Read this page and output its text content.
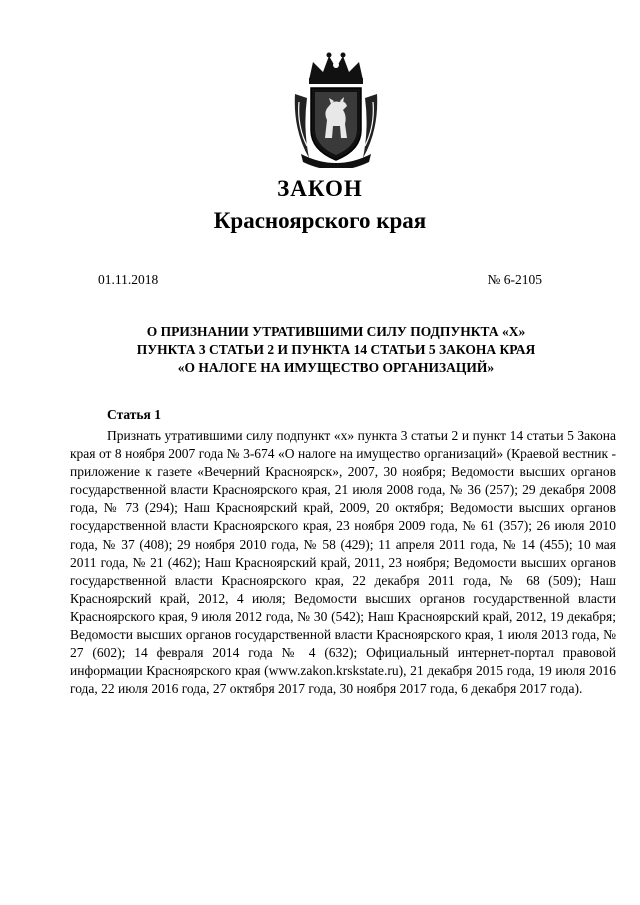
ЗАКОН
Красноярского края
01.11.2018	№ 6-2105
О ПРИЗНАНИИ УТРАТИВШИМИ СИЛУ ПОДПУНКТА «Х»
ПУНКТА 3 СТАТЬИ 2 И ПУНКТА 14 СТАТЬИ 5 ЗАКОНА КРАЯ
«О НАЛОГЕ НА ИМУЩЕСТВО ОРГАНИЗАЦИЙ»
Статья 1
Признать утратившими силу подпункт «х» пункта 3 статьи 2 и пункт 14 статьи 5 Закона края от 8 ноября 2007 года № 3-674 «О налоге на имущество организаций» (Краевой вестник - приложение к газете «Вечерний Красноярск», 2007, 30 ноября; Ведомости высших органов государственной власти Красноярского края, 21 июля 2008 года, № 36 (257); 29 декабря 2008 года, № 73 (294); Наш Красноярский край, 2009, 20 октября; Ведомости высших органов государственной власти Красноярского края, 23 ноября 2009 года, № 61 (357); 26 июля 2010 года, № 37 (408); 29 ноября 2010 года, № 58 (429); 11 апреля 2011 года, № 14 (455); 10 мая 2011 года, № 21 (462); Наш Красноярский край, 2011, 23 ноября; Ведомости высших органов государственной власти Красноярского края, 22 декабря 2011 года, № 68 (509); Наш Красноярский край, 2012, 4 июля; Ведомости высших органов государственной власти Красноярского края, 9 июля 2012 года, № 30 (542); Наш Красноярский край, 2012, 19 декабря; Ведомости высших органов государственной власти Красноярского края, 1 июля 2013 года, № 27 (602); 14 февраля 2014 года № 4 (632); Официальный интернет-портал правовой информации Красноярского края (www.zakon.krskstate.ru), 21 декабря 2015 года, 19 июля 2016 года, 22 июля 2016 года, 27 октября 2017 года, 30 ноября 2017 года, 6 декабря 2017 года).
